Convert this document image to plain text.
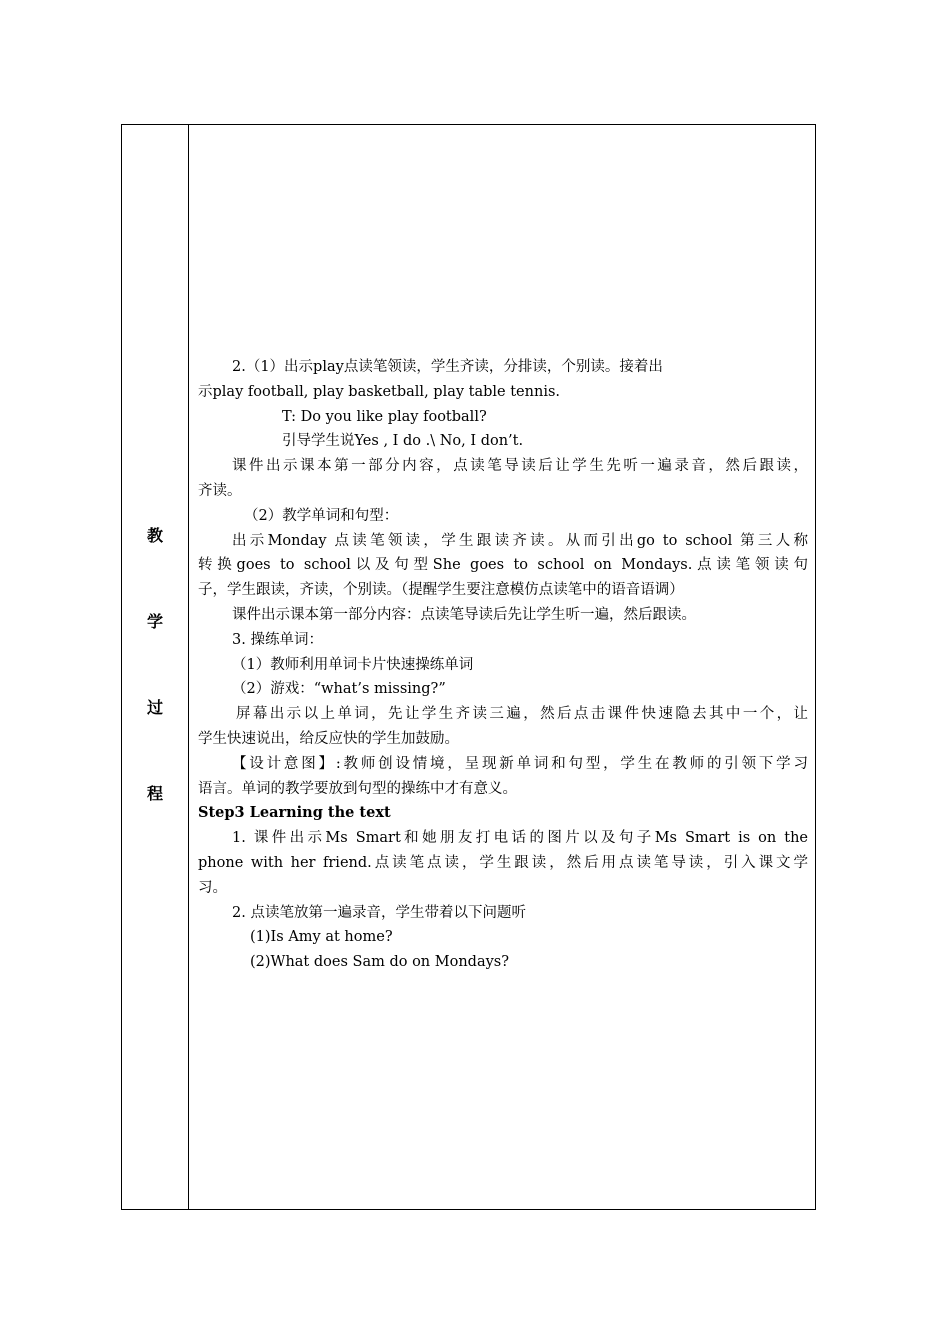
教
学
过
程
2.（1）出示play点读笔领读，学生齐读，分排读，个别读。接着出
示play football, play basketball, play table tennis.
T: Do you like play football?
引导学生说Yes , I do .\ No, I don’t.
课件出示课本第一部分内容，点读笔导读后让学生先听一遍录音，然后跟读，
齐读。
（2）教学单词和句型：
出示Monday 点读笔领读，学生跟读齐读。从而引出go to school 第三人称
转换goes to school以及句型She goes to school on Mondays.点读笔领读句
子，学生跟读，齐读，个别读。（提醒学生要注意模仿点读笔中的语音语调）
课件出示课本第一部分内容：点读笔导读后先让学生听一遍，然后跟读。
3. 操练单词：
（1）教师利用单词卡片快速操练单词
（2）游戏：“what’s missing?”
屏幕出示以上单词，先让学生齐读三遍，然后点击课件快速隐去其中一个，让
学生快速说出，给反应快的学生加鼓励。
【设计意图】:教师创设情境，呈现新单词和句型，学生在教师的引领下学习
语言。单词的教学要放到句型的操练中才有意义。
Step3 Learning the text
1. 课件出示Ms Smart和她朋友打电话的图片以及句子Ms Smart is on the
phone with her friend.点读笔点读，学生跟读，然后用点读笔导读，引入课文学
习。
2. 点读笔放第一遍录音，学生带着以下问题听
(1)Is Amy at home?
(2)What does Sam do on Mondays?
